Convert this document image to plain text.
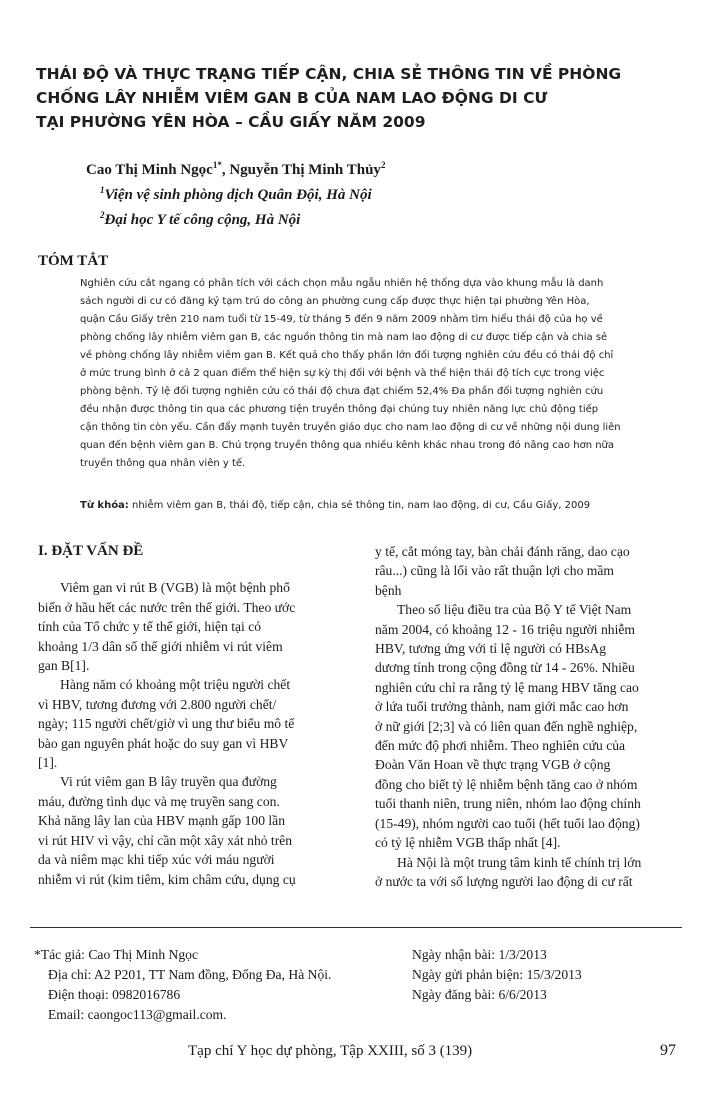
THÁI ĐỘ VÀ THỰC TRẠNG TIẾP CẬN, CHIA SẺ THÔNG TIN VỀ PHÒNG
CHỐNG LÂY NHIỄM VIÊM GAN B CỦA NAM LAO ĐỘNG DI CƯ
TẠI PHƯỜNG YÊN HÒA – CẦU GIẤY NĂM 2009
Cao Thị Minh Ngọc$^{1*}$, Nguyễn Thị Minh Thủy$^2$
$^1$Viện vệ sinh phòng dịch Quân Đội, Hà Nội
$^2$Đại học Y tế công cộng, Hà Nội
TÓM TẮT

Nghiên cứu cắt ngang có phân tích với cách chọn mẫu ngẫu nhiên hệ thống dựa vào khung mẫu là danh
sách người di cư có đăng ký tạm trú do công an phường cung cấp được thực hiện tại phường Yên Hòa,
quận Cầu Giấy trên 210 nam tuổi từ 15-49, từ tháng 5 đến 9 năm 2009 nhằm tìm hiểu thái độ của họ về
phòng chống lây nhiễm viêm gan B, các nguồn thông tin mà nam lao động di cư được tiếp cận và chia sẻ
về phòng chống lây nhiễm viêm gan B. Kết quả cho thấy phần lớn đối tượng nghiên cứu đều có thái độ chỉ
ở mức trung bình ở cả 2 quan điểm thể hiện sự kỳ thị đối với bệnh và thể hiện thái độ tích cực trong việc
phòng bệnh. Tỷ lệ đối tượng nghiên cứu có thái độ chưa đạt chiếm 52,4% Đa phần đối tượng nghiên cứu
đều nhận được thông tin qua các phương tiện truyền thông đại chúng tuy nhiên năng lực chủ động tiếp
cận thông tin còn yếu. Cần đẩy mạnh tuyên truyền giáo dục cho nam lao động di cư về những nội dung liên
quan đến bệnh viêm gan B. Chú trọng truyền thông qua nhiều kênh khác nhau trong đó nâng cao hơn nữa
truyền thông qua nhân viên y tế.

Từ khóa: nhiễm viêm gan B, thái độ, tiếp cận, chia sẻ thông tin, nam lao động, di cư, Cầu Giấy, 2009
I. ĐẶT VẤN ĐỀ
Viêm gan vi rút B (VGB) là một bệnh phổ
biến ở hầu hết các nước trên thế giới. Theo ước
tính của Tổ chức y tế thế giới, hiện tại có
khoảng 1/3 dân số thế giới nhiễm vi rút viêm
gan B[1].
Hàng năm có khoảng một triệu người chết
vì HBV, tương đương với 2.800 người chết/
ngày; 115 người chết/giờ vì ung thư biểu mô tế
bào gan nguyên phát hoặc do suy gan vì HBV
[1].
Vi rút viêm gan B lây truyền qua đường
máu, đường tình dục và mẹ truyền sang con.
Khả năng lây lan của HBV mạnh gấp 100 lần
vi rút HIV vì vậy, chỉ cần một xây xát nhỏ trên
da và niêm mạc khi tiếp xúc với máu người
nhiễm vi rút (kim tiêm, kim châm cứu, dụng cụ
y tế, cắt móng tay, bàn chải đánh răng, dao cạo
râu...) cũng là lối vào rất thuận lợi cho mầm
bệnh
Theo số liệu điều tra của Bộ Y tế Việt Nam
năm 2004, có khoảng 12 - 16 triệu người nhiễm
HBV, tương ứng với tỉ lệ người có HBsAg
dương tính trong cộng đồng từ 14 - 26%. Nhiều
nghiên cứu chỉ ra rằng tỷ lệ mang HBV tăng cao
ở lứa tuổi trưởng thành, nam giới mắc cao hơn
ở nữ giới [2;3] và có liên quan đến nghề nghiệp,
đến mức độ phơi nhiễm. Theo nghiên cứu của
Đoàn Văn Hoan về thực trạng VGB ở cộng
đồng cho biết tỷ lệ nhiễm bệnh tăng cao ở nhóm
tuổi thanh niên, trung niên, nhóm lao động chính
(15-49), nhóm người cao tuổi (hết tuổi lao động)
có tỷ lệ nhiễm VGB thấp nhất [4].
Hà Nội là một trung tâm kinh tế chính trị lớn
ở nước ta với số lượng người lao động di cư rất
*Tác giả: Cao Thị Minh Ngọc
Địa chỉ: A2 P201, TT Nam đồng, Đống Đa, Hà Nội.
Điện thoại: 0982016786
Email: caongoc113@gmail.com.
Ngày nhận bài: 1/3/2013
Ngày gửi phản biện: 15/3/2013
Ngày đăng bài: 6/6/2013
Tạp chí Y học dự phòng, Tập XXIII, số 3 (139)	97
